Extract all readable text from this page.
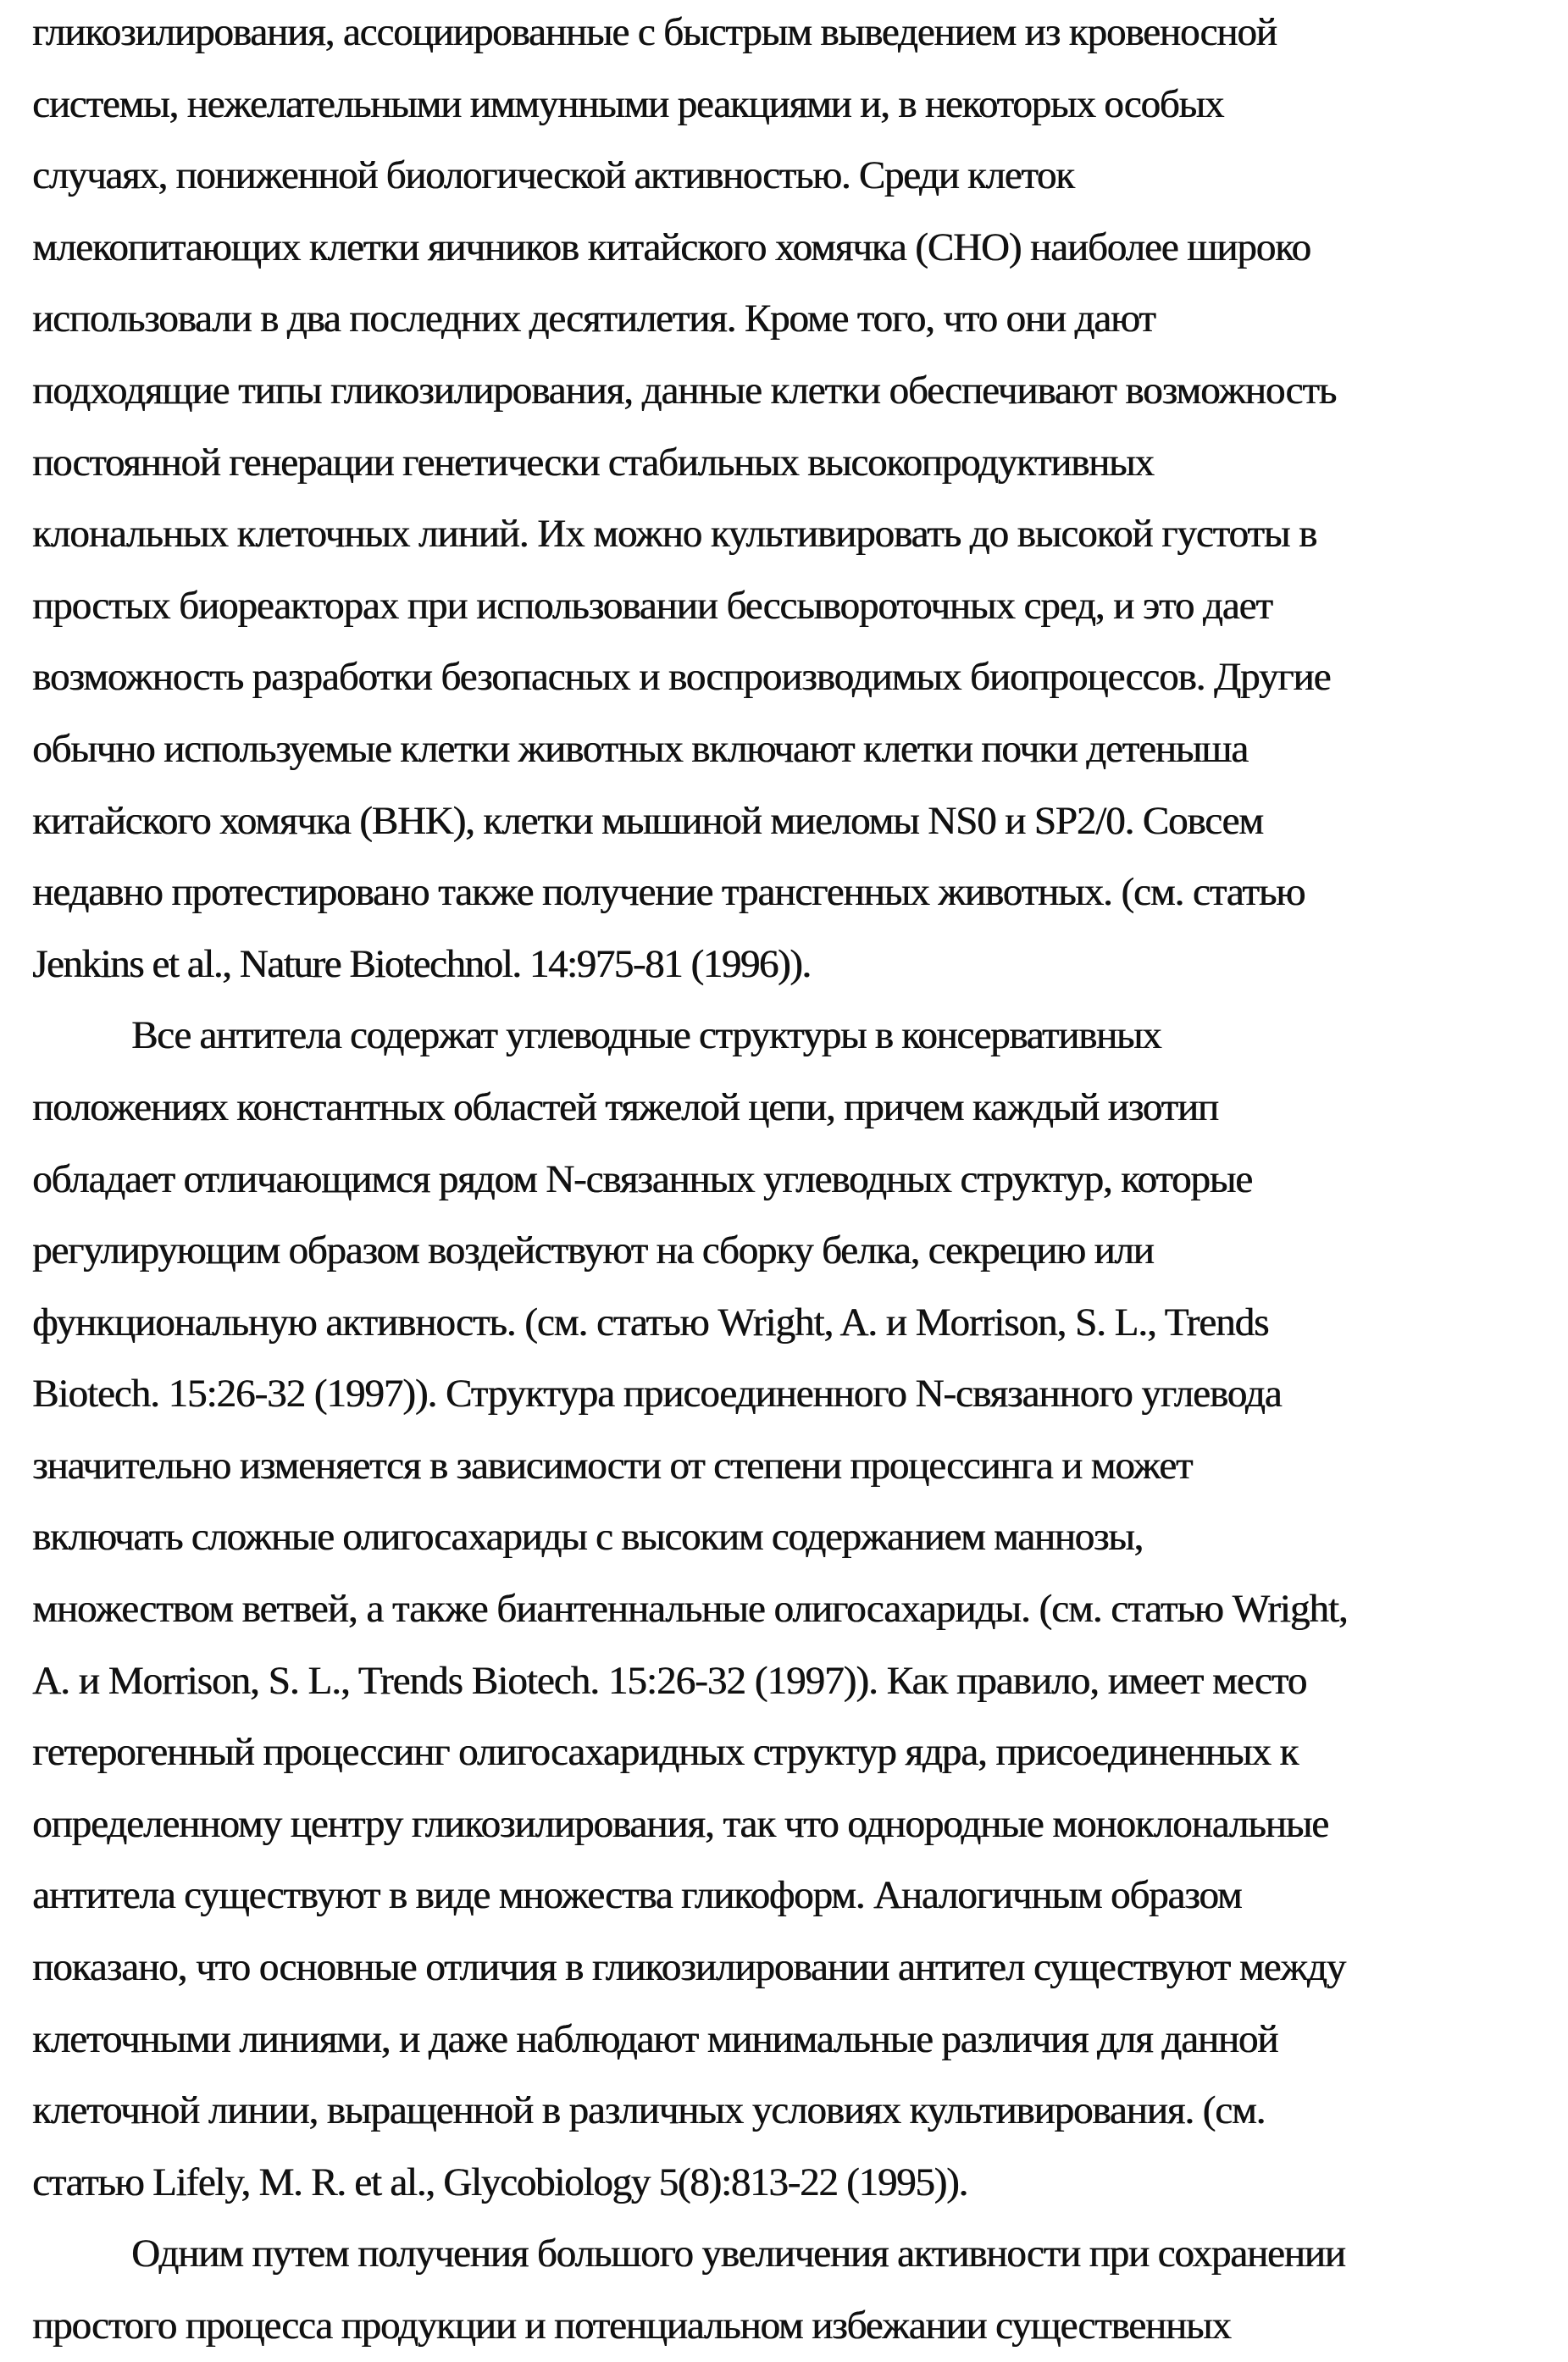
гликозилирования, ассоциированные с быстрым выведением из кровеносной
системы, нежелательными иммунными реакциями и, в некоторых особых
случаях, пониженной биологической активностью. Среди клеток
млекопитающих клетки яичников китайского хомячка (CHO) наиболее широко
использовали в два последних десятилетия. Кроме того, что они дают
подходящие типы гликозилирования, данные клетки обеспечивают возможность
постоянной генерации генетически стабильных высокопродуктивных
клональных клеточных линий. Их можно культивировать до высокой густоты в
простых биореакторах при использовании бессывороточных сред, и это дает
возможность разработки безопасных и воспроизводимых биопроцессов. Другие
обычно используемые клетки животных включают клетки почки детеныша
китайского хомячка (BHK), клетки мышиной миеломы NS0 и SP2/0. Совсем
недавно протестировано также получение трансгенных животных. (см. статью
Jenkins et al., Nature Biotechnol. 14:975-81 (1996)).
Все антитела содержат углеводные структуры в консервативных
положениях константных областей тяжелой цепи, причем каждый изотип
обладает отличающимся рядом N-связанных углеводных структур, которые
регулирующим образом воздействуют на сборку белка, секрецию или
функциональную активность. (см. статью Wright, A. и Morrison, S. L., Trends
Biotech. 15:26-32 (1997)). Структура присоединенного N-связанного углевода
значительно изменяется в зависимости от степени процессинга и может
включать сложные олигосахариды с высоким содержанием маннозы,
множеством ветвей, а также биантеннальные олигосахариды. (см. статью Wright,
A. и Morrison, S. L., Trends Biotech. 15:26-32 (1997)). Как правило, имеет место
гетерогенный процессинг олигосахаридных структур ядра, присоединенных к
определенному центру гликозилирования, так что однородные моноклональные
антитела существуют в виде множества гликоформ. Аналогичным образом
показано, что основные отличия в гликозилировании антител существуют между
клеточными линиями, и даже наблюдают минимальные различия для данной
клеточной линии, выращенной в различных условиях культивирования. (см.
статью Lifely, M. R. et al., Glycobiology 5(8):813-22 (1995)).
Одним путем получения большого увеличения активности при сохранении
простого процесса продукции и потенциальном избежании существенных
